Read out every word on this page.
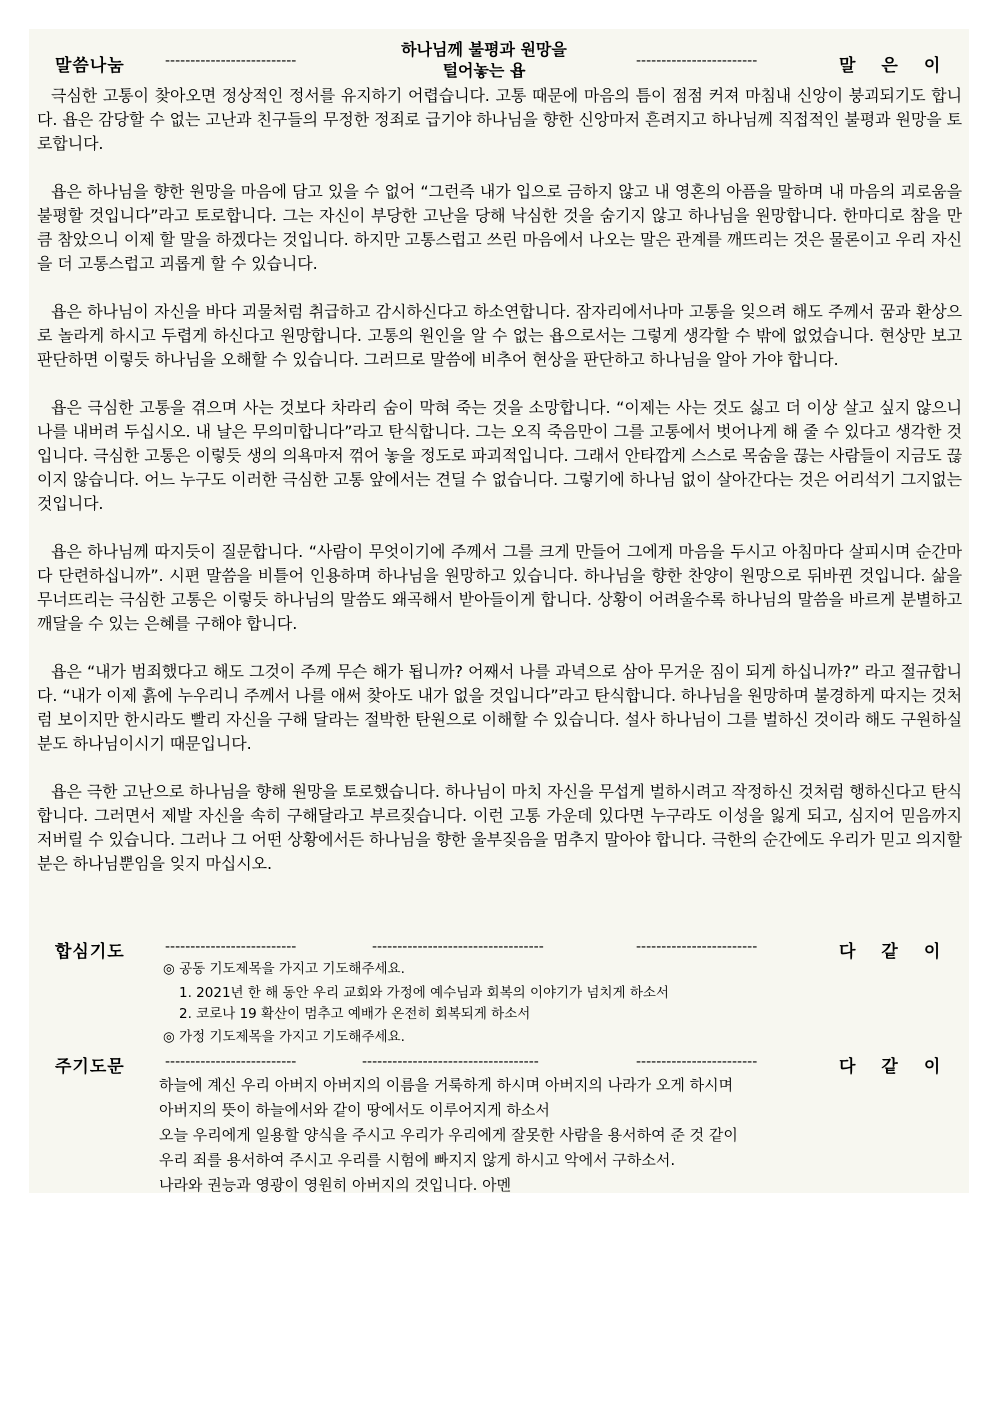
말씀나눔	--------------------------
하나님께 불평과 원망을
털어놓는 욥	------------------------	말은이

극심한 고통이 찾아오면 정상적인 정서를 유지하기 어렵습니다. 고통 때문에 마음의 틈이 점점 커져 마침내 신앙이 붕괴되기도 합니다. 욥은 감당할 수 없는 고난과 친구들의 무정한 정죄로 급기야 하나님을 향한 신앙마저 흔려지고 하나님께 직접적인 불평과 원망을 토로합니다.

욥은 하나님을 향한 원망을 마음에 담고 있을 수 없어 “그런즉 내가 입으로 금하지 않고 내 영혼의 아픔을 말하며 내 마음의 괴로움을 불평할 것입니다”라고 토로합니다. 그는 자신이 부당한 고난을 당해 낙심한 것을 숨기지 않고 하나님을 원망합니다. 한마디로 참을 만큼 참았으니 이제 할 말을 하겠다는 것입니다. 하지만 고통스럽고 쓰린 마음에서 나오는 말은 관계를 깨뜨리는 것은 물론이고 우리 자신을 더 고통스럽고 괴롭게 할 수 있습니다.

욥은 하나님이 자신을 바다 괴물처럼 취급하고 감시하신다고 하소연합니다. 잠자리에서나마 고통을 잊으려 해도 주께서 꿈과 환상으로 놀라게 하시고 두렵게 하신다고 원망합니다. 고통의 원인을 알 수 없는 욥으로서는 그렇게 생각할 수 밖에 없었습니다. 현상만 보고 판단하면 이렇듯 하나님을 오해할 수 있습니다. 그러므로 말씀에 비추어 현상을 판단하고 하나님을 알아 가야 합니다.

욥은 극심한 고통을 겪으며 사는 것보다 차라리 숨이 막혀 죽는 것을 소망합니다. “이제는 사는 것도 싫고 더 이상 살고 싶지 않으니 나를 내버려 두십시오. 내 날은 무의미합니다”라고 탄식합니다. 그는 오직 죽음만이 그를 고통에서 벗어나게 해 줄 수 있다고 생각한 것입니다. 극심한 고통은 이렇듯 생의 의욕마저 꺾어 놓을 정도로 파괴적입니다. 그래서 안타깝게 스스로 목숨을 끊는 사람들이 지금도 끊이지 않습니다. 어느 누구도 이러한 극심한 고통 앞에서는 견딜 수 없습니다. 그렇기에 하나님 없이 살아간다는 것은 어리석기 그지없는것입니다.

욥은 하나님께 따지듯이 질문합니다. “사람이 무엇이기에 주께서 그를 크게 만들어 그에게 마음을 두시고 아침마다 살피시며 순간마다 단련하십니까”. 시편 말씀을 비틀어 인용하며 하나님을 원망하고 있습니다. 하나님을 향한 찬양이 원망으로 뒤바뀐 것입니다. 삶을 무너뜨리는 극심한 고통은 이렇듯 하나님의 말씀도 왜곡해서 받아들이게 합니다. 상황이 어려울수록 하나님의 말씀을 바르게 분별하고 깨달을 수 있는 은혜를 구해야 합니다.

욥은 “내가 범죄했다고 해도 그것이 주께 무슨 해가 됩니까? 어째서 나를 과녁으로 삼아 무거운 짐이 되게 하십니까?” 라고 절규합니다. “내가 이제 흙에 누우리니 주께서 나를 애써 찾아도 내가 없을 것입니다”라고 탄식합니다. 하나님을 원망하며 불경하게 따지는 것처럼 보이지만 한시라도 빨리 자신을 구해 달라는 절박한 탄원으로 이해할 수 있습니다. 설사 하나님이 그를 벌하신 것이라 해도 구원하실 분도 하나님이시기 때문입니다.

욥은 극한 고난으로 하나님을 향해 원망을 토로했습니다. 하나님이 마치 자신을 무섭게 벌하시려고 작정하신 것처럼 행하신다고 탄식합니다. 그러면서 제발 자신을 속히 구해달라고 부르짖습니다. 이런 고통 가운데 있다면 누구라도 이성을 잃게 되고, 심지어 믿음까지 저버릴 수 있습니다. 그러나 그 어떤 상황에서든 하나님을 향한 울부짖음을 멈추지 말아야 합니다. 극한의 순간에도 우리가 믿고 의지할 분은 하나님뿐임을 잊지 마십시오.

합심기도	--------------------------	----------------------------------	------------------------	다같이
◎ 공동 기도제목을 가지고 기도해주세요.
1. 2021년 한 해 동안 우리 교회와 가정에 예수님과 회복의 이야기가 넘치게 하소서
2. 코로나 19 확산이 멈추고 예배가 온전히 회복되게 하소서
◎ 가정 기도제목을 가지고 기도해주세요.
주기도문	--------------------------	-----------------------------------	------------------------	다같이
하늘에 계신 우리 아버지 아버지의 이름을 거룩하게 하시며 아버지의 나라가 오게 하시며
아버지의 뜻이 하늘에서와 같이 땅에서도 이루어지게 하소서
오늘 우리에게 일용할 양식을 주시고 우리가 우리에게 잘못한 사람을 용서하여 준 것 같이
우리 죄를 용서하여 주시고 우리를 시험에 빠지지 않게 하시고 악에서 구하소서.
나라와 권능과 영광이 영원히 아버지의 것입니다. 아멘
